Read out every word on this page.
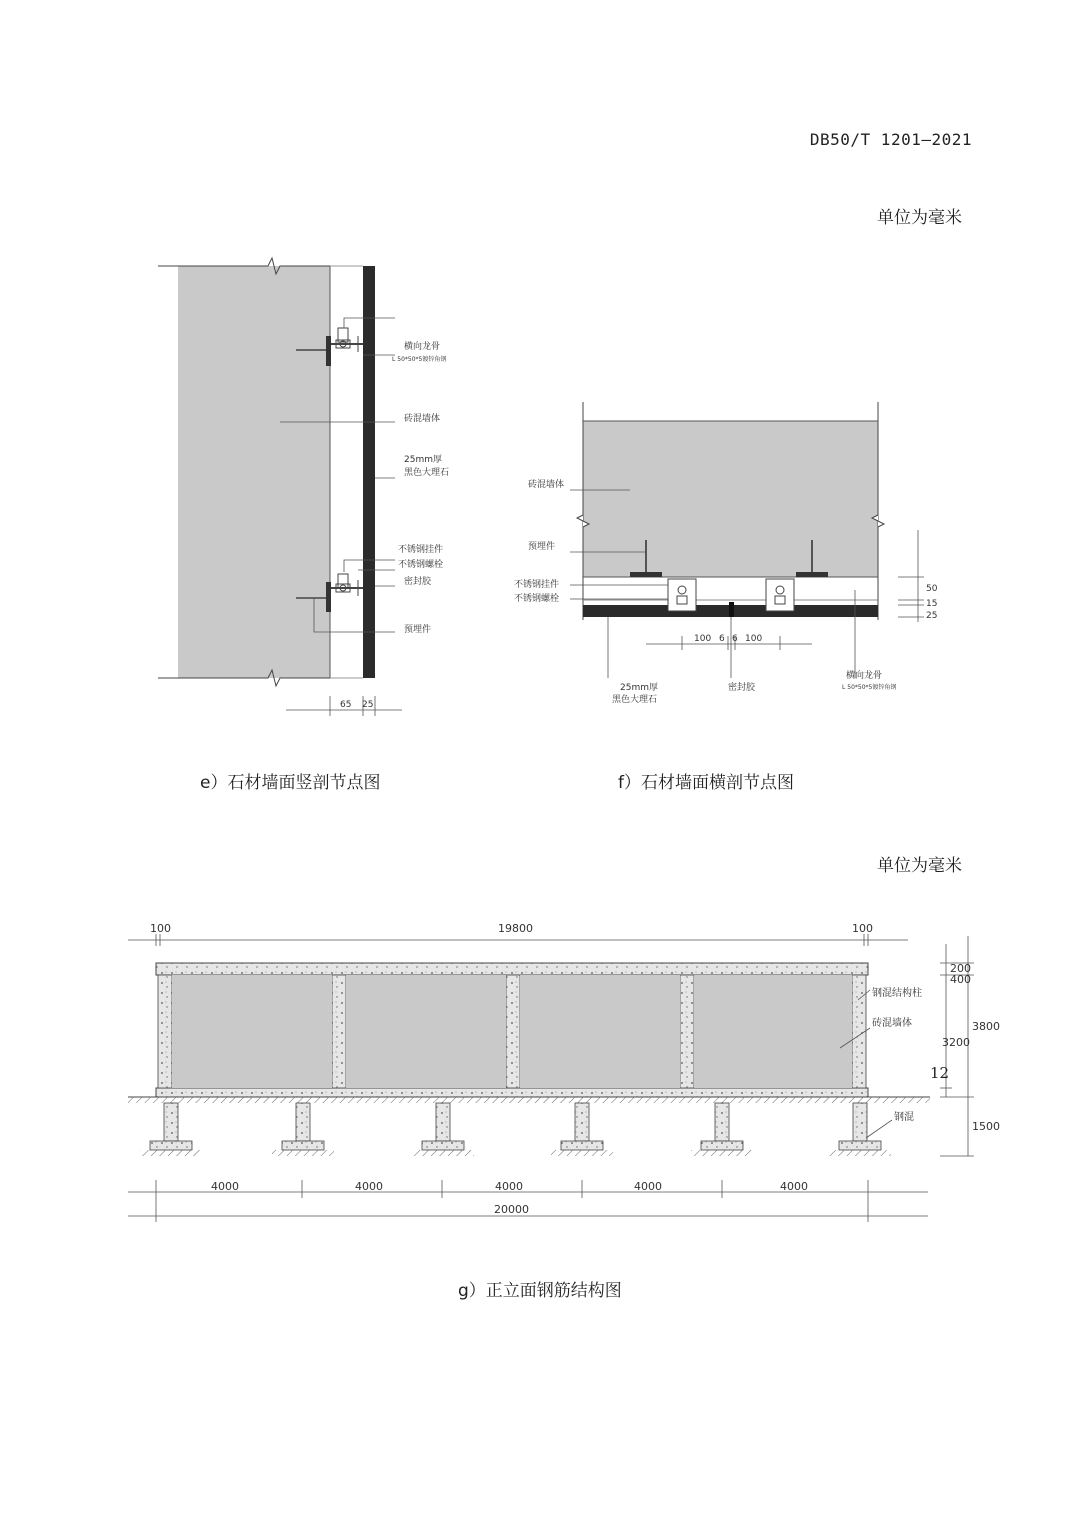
DB50/T 1201—2021
单位为毫米
单位为毫米
横向龙骨
L 50*50*5镀锌角钢
砖混墙体
25mm厚
黑色大理石
不锈钢挂件
不锈钢螺栓
密封胶
预埋件
65 25
砖混墙体
预埋件
不锈钢挂件
不锈钢螺栓
25mm厚
黑色大理石
密封胶
横向龙骨
L 50*50*5镀锌角钢
50
15
25
100 6 6 100
e）石材墙面竖剖节点图	f）石材墙面横剖节点图
100	19800	100
钢混结构柱
砖混墙体
钢混
200
400
3200
3800
1500
4000	4000	4000	4000	4000
20000
g）正立面钢筋结构图
12
